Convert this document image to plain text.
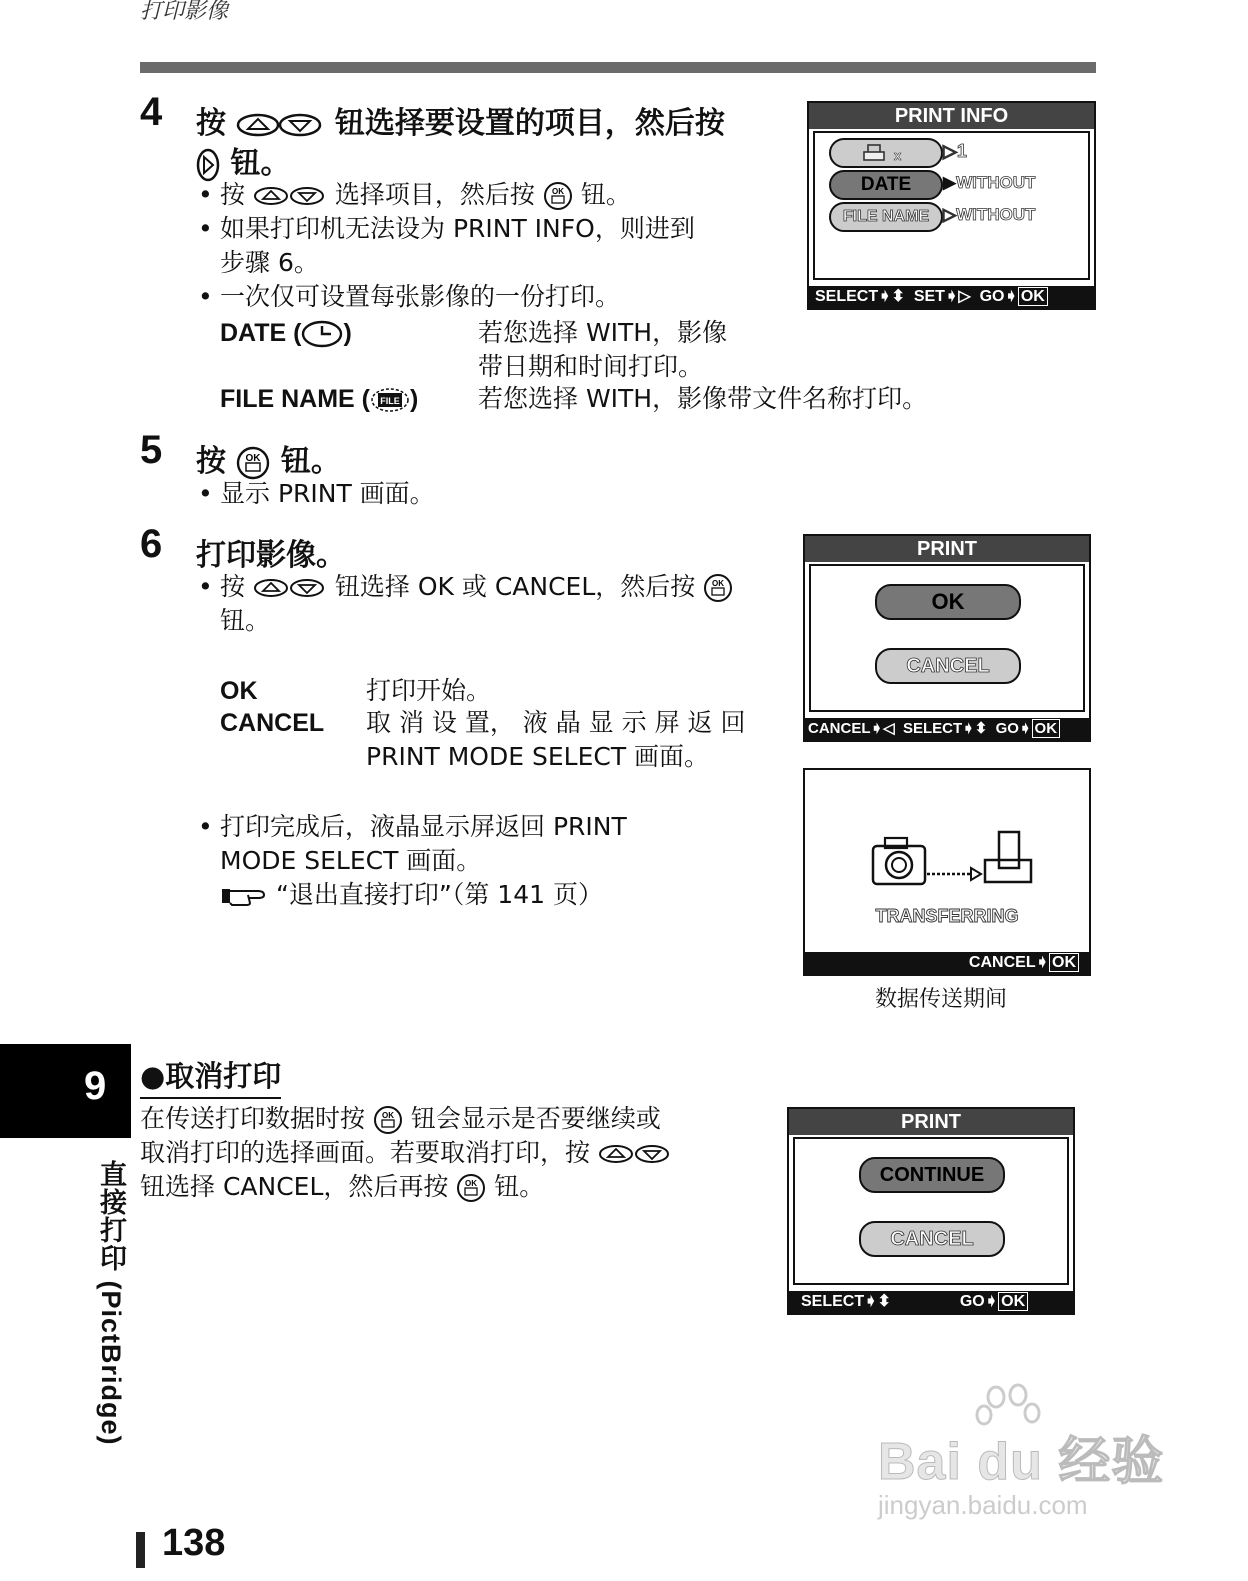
打印影像
4 按	钮选择要设置的项目，然后按
钮。
• 按	选择项目，然后按 OK 钮。
• 如果打印机无法设为 PRINT INFO，则进到
步骤 6。
• 一次仅可设置每张影像的一份打印。
DATE ( )	若您选择 WITH，影像
带日期和时间打印。
FILE NAME ( FILE ) 若您选择 WITH，影像带文件名称打印。
PRINT INFO
x ▷1
DATE	▶WITHOUT
FILE NAME ▷WITHOUT
SELECT➧⬍  SET➧▷  GO➧ OK
5 按 OK 钮。
• 显示 PRINT 画面。
6 打印影像。
• 按	钮选择 OK 或 CANCEL，然后按 OK
钮。
OK	打印开始。
CANCEL 取 消 设 置， 液 晶 显 示 屏 返 回
PRINT MODE SELECT 画面。
• 打印完成后，液晶显示屏返回 PRINT
MODE SELECT 画面。
“退出直接打印”（第 141 页）
PRINT
OK
CANCEL
CANCEL➧◁  SELECT➧⬍  GO➧ OK
TRANSFERRING
CANCEL➧ OK
数据传送期间
●取消打印
在传送打印数据时按 OK 钮会显示是否要继续或
取消打印的选择画面。若要取消打印，按
钮选择 CANCEL，然后再按 OK 钮。
PRINT
CONTINUE
CANCEL
SELECT➧⬍	GO➧ OK
9
直接打印 (PictBridge)
138
Bai du 经验
jingyan.baidu.com
